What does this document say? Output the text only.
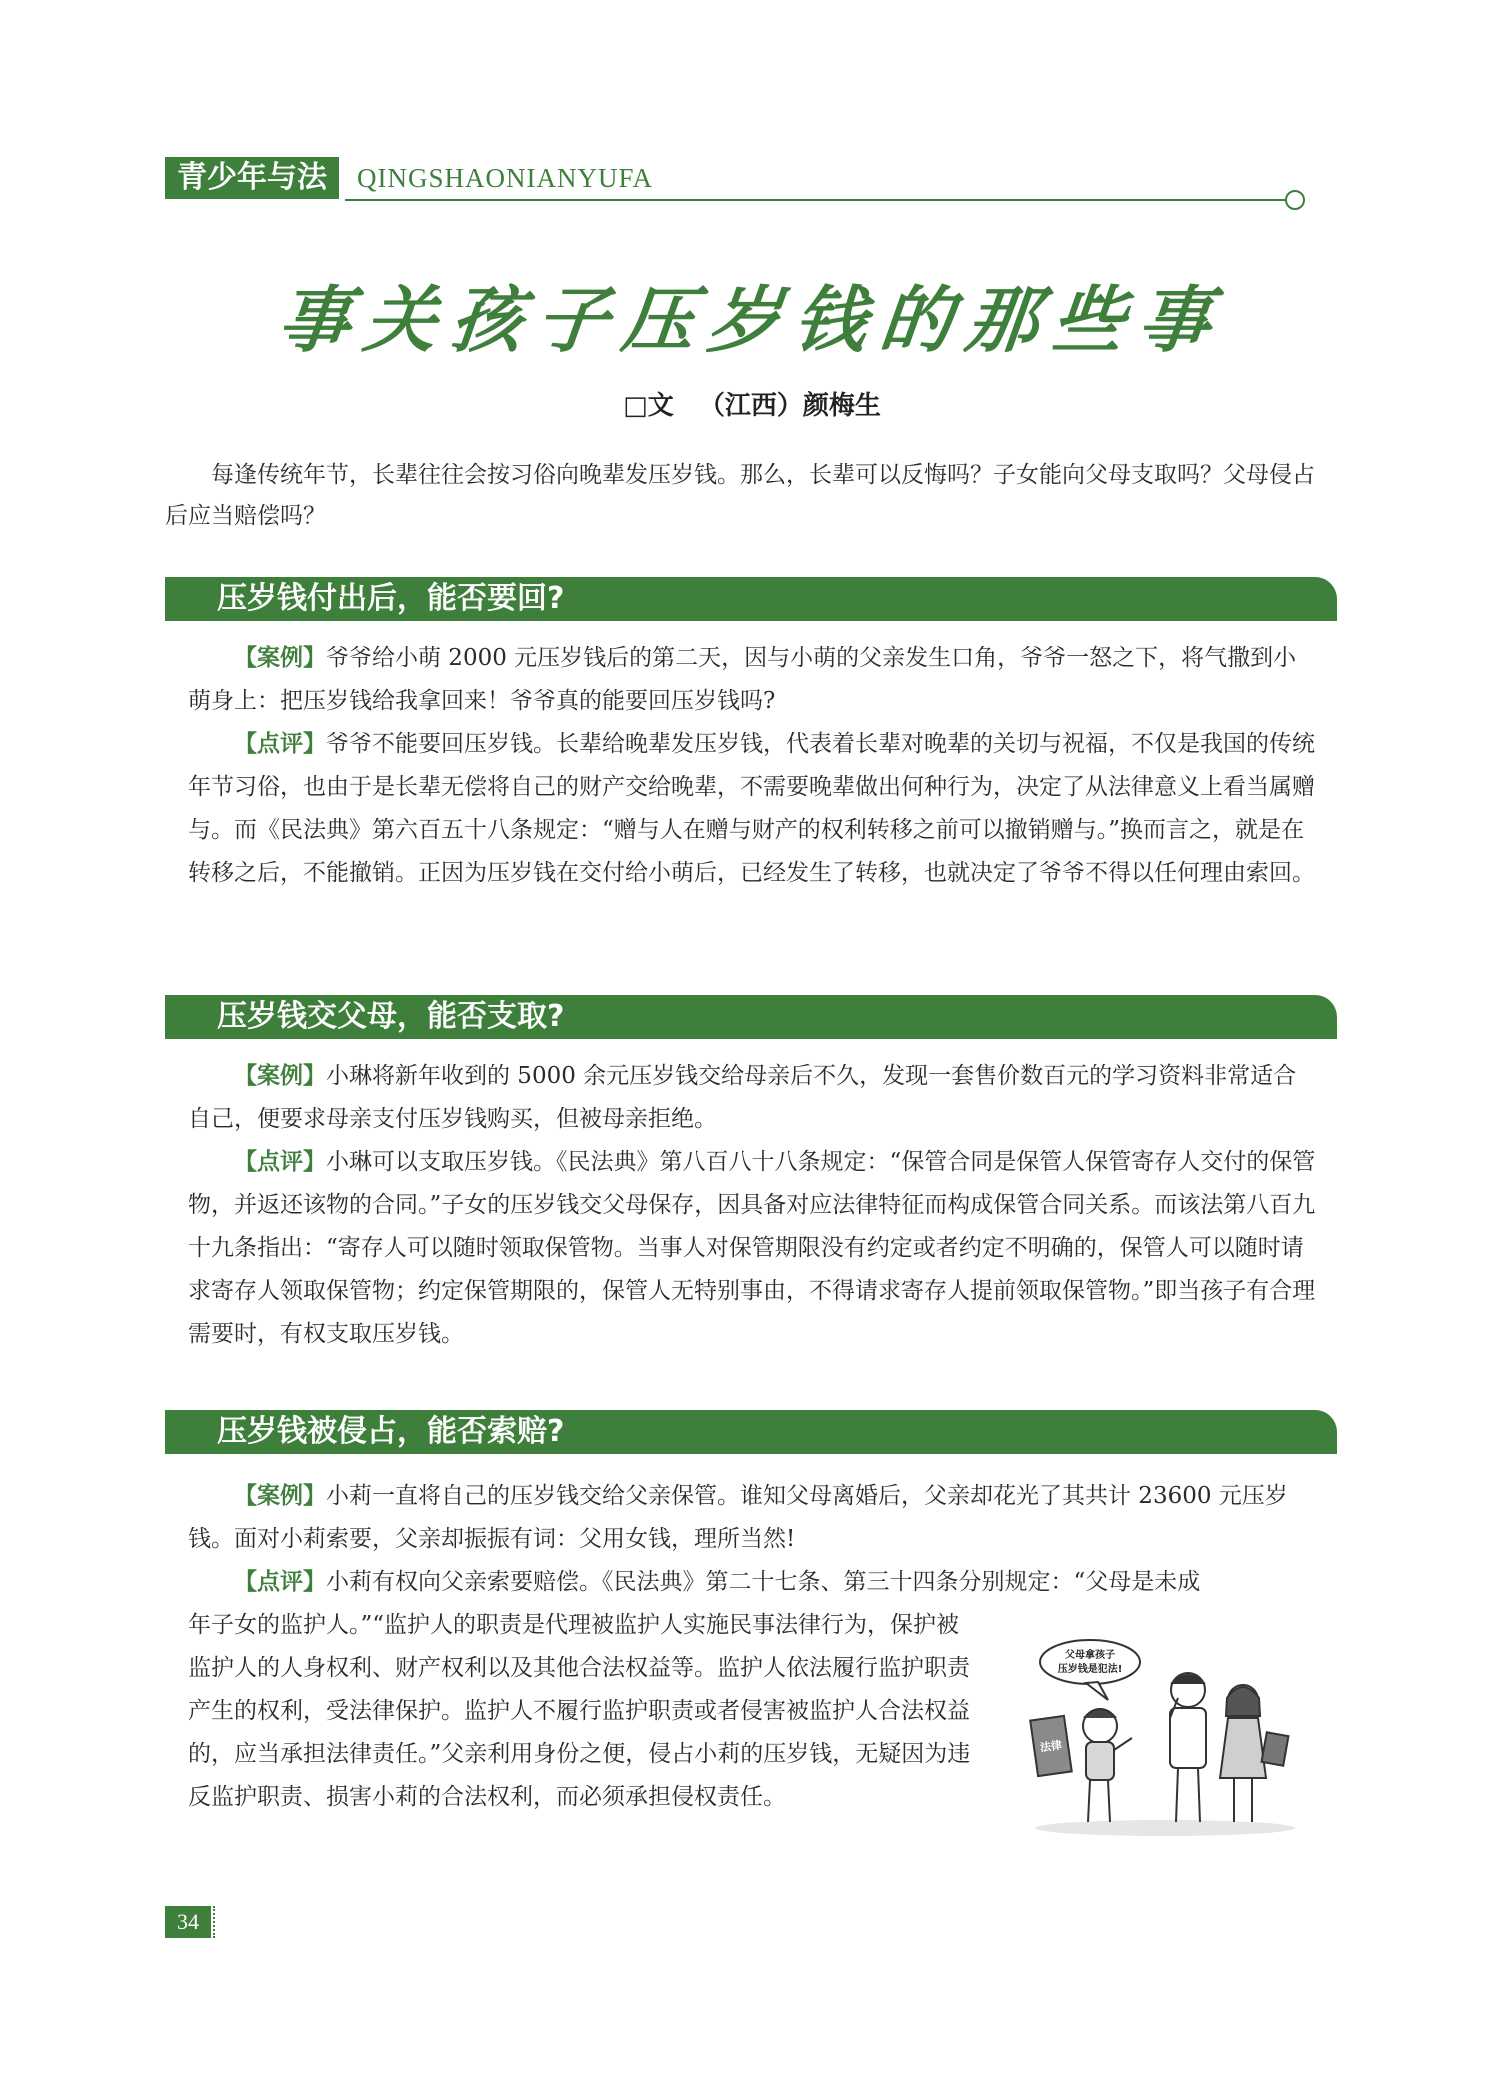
青少年与法	QINGSHAONIANYUFA
事关孩子压岁钱的那些事
□文 （江西）颜梅生
每逢传统年节，长辈往往会按习俗向晚辈发压岁钱。那么，长辈可以反悔吗？子女能向父母支取吗？父母侵占后应当赔偿吗？
压岁钱付出后，能否要回?

【案例】爷爷给小萌 2000 元压岁钱后的第二天，因与小萌的父亲发生口角，爷爷一怒之下，将气撒到小萌身上：把压岁钱给我拿回来！爷爷真的能要回压岁钱吗?

【点评】爷爷不能要回压岁钱。长辈给晚辈发压岁钱，代表着长辈对晚辈的关切与祝福，不仅是我国的传统年节习俗，也由于是长辈无偿将自己的财产交给晚辈，不需要晚辈做出何种行为，决定了从法律意义上看当属赠与。而《民法典》第六百五十八条规定：“赠与人在赠与财产的权利转移之前可以撤销赠与。”换而言之，就是在转移之后，不能撤销。正因为压岁钱在交付给小萌后，已经发生了转移，也就决定了爷爷不得以任何理由索回。

压岁钱交父母，能否支取?

【案例】小琳将新年收到的 5000 余元压岁钱交给母亲后不久，发现一套售价数百元的学习资料非常适合自己，便要求母亲支付压岁钱购买，但被母亲拒绝。

【点评】小琳可以支取压岁钱。《民法典》第八百八十八条规定：“保管合同是保管人保管寄存人交付的保管物，并返还该物的合同。”子女的压岁钱交父母保存，因具备对应法律特征而构成保管合同关系。而该法第八百九十九条指出：“寄存人可以随时领取保管物。当事人对保管期限没有约定或者约定不明确的，保管人可以随时请求寄存人领取保管物；约定保管期限的，保管人无特别事由，不得请求寄存人提前领取保管物。”即当孩子有合理需要时，有权支取压岁钱。

压岁钱被侵占，能否索赔?

【案例】小莉一直将自己的压岁钱交给父亲保管。谁知父母离婚后，父亲却花光了其共计 23600 元压岁钱。面对小莉索要，父亲却振振有词：父用女钱，理所当然!

【点评】小莉有权向父亲索要赔偿。《民法典》第二十七条、第三十四条分别规定：“父母是未成

年子女的监护人。”“监护人的职责是代理被监护人实施民事法律行为，保护被监护人的人身权利、财产权利以及其他合法权益等。监护人依法履行监护职责产生的权利，受法律保护。监护人不履行监护职责或者侵害被监护人合法权益的，应当承担法律责任。”父亲利用身份之便，侵占小莉的压岁钱，无疑因为违反监护职责、损害小莉的合法权利，而必须承担侵权责任。
父母拿孩子
压岁钱是犯法!
法律
34
